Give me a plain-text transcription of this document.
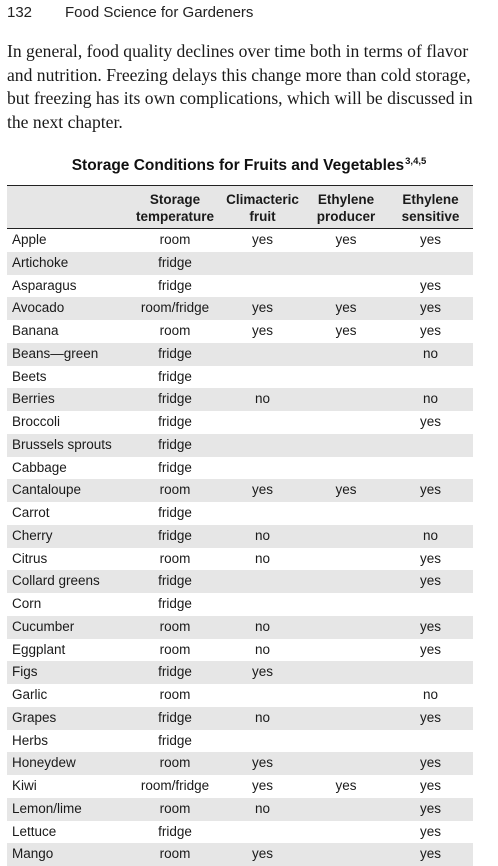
132 Food Science for Gardeners

In general, food quality declines over time both in terms of flavor and nutrition. Freezing delays this change more than cold storage, but freezing has its own complications, which will be discussed in the next chapter.

Storage Conditions for Fruits and Vegetables$^{3,4,5}$
	Storage temperature	Climacteric fruit	Ethylene producer	Ethylene sensitive
Apple	room	yes	yes	yes
Artichoke	fridge			
Asparagus	fridge			yes
Avocado	room/fridge	yes	yes	yes
Banana	room	yes	yes	yes
Beans—green	fridge			no
Beets	fridge			
Berries	fridge	no		no
Broccoli	fridge			yes
Brussels sprouts	fridge			
Cabbage	fridge			
Cantaloupe	room	yes	yes	yes
Carrot	fridge			
Cherry	fridge	no		no
Citrus	room	no		yes
Collard greens	fridge			yes
Corn	fridge			
Cucumber	room	no		yes
Eggplant	room	no		yes
Figs	fridge	yes		
Garlic	room			no
Grapes	fridge	no		yes
Herbs	fridge			
Honeydew	room	yes		yes
Kiwi	room/fridge	yes	yes	yes
Lemon/lime	room	no		yes
Lettuce	fridge			yes
Mango	room	yes		yes
